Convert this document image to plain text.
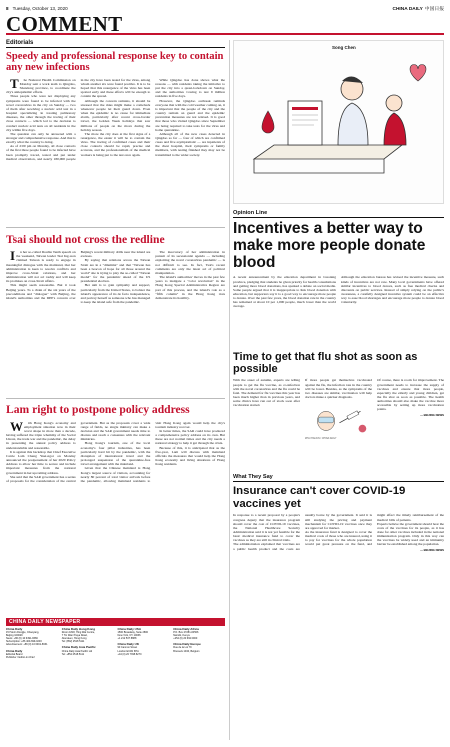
8 Tuesday, October 13, 2020	CHINA DAILY 中国日报
COMMENT
Editorials
Speedy and professional response key to contain any new infections

The National Health Commission on Monday sent a work team to Qingdao, Shandong province, to coordinate the city's antiepidemic efforts.

Three people who were not displaying any symptoms were found to be infected with the novel coronavirus in the city on Sunday — two of them after receiving a nucleic acid test in a hospital specializing in treating pulmonary diseases, the other through the tracing of their close contacts — which led to the decision to conduct nucleic acid tests on all residents in the city within five days.

The question can only be answered with a stronger and comprehensive response. And that is exactly what the country is doing.

As of 2:00 pm on Monday, all close contacts of the first three people found to be infected have been promptly traced, tested and put under medical observation, and nearly 180,000 people in the city have been tested for the virus, among whom another six were found positive. It is to be hoped that this resurgence of the virus has been spotted early and these efforts will be enough to contain the spread.

Although the concern remains, it should be stressed that the risks might make a comeback whenever people let their guard down. Even when the epidemic is no cause for immediate alarm, particularly after recent cross-border travel, the Golden Week holidays that saw millions of people on the move during the holiday season.

The more the city does at the first signs of a resurgence, the easier it will be to contain the virus. The tracing of confirmed cases and their close contacts should be rapid, precise and accurate, and the professionalism of the medical workers is being put to the test once again.

While Qingdao has done shows what the reasons — with residents taking the initiative to put the city into a quasi-lockdown on Sunday, and the authorities vowing to test 9 million residents in five days.

However, the Qingdao outbreak reminds everyone that with the cold weather coming on, it is important that the people of the city and the country remain on guard and the epidemic prevention measures are not relaxed. It is good that those who visited Qingdao since September are being required to take tests for the virus and home quarantine.

Although all of the new cases detected in Qingdao so far — four of which are confirmed cases and five asymptomatic — are inpatients of the chest hospital, their symptoms or family members, with testing finished they may not be transmitted to the wider society.

Tsai should not cross the redline

In her so-called Double Tenth speech on the weekend, Taiwan leader Tsai Ing-wen claimed Taiwan is ready to engage in meaningful dialogue with the mainland, that her administration is keen to resolve conflicts and improve cross-Strait relations, and her administration will not act rashly and will keep its promises on cross-Strait affairs.

This might seem reasonable. But it took Beijing years. To a chain of the six years of the preconditions and "dialogue" with Beijing, the island's authorities and the DPP's concern over Beijing's recent military drills near the island are excuses.

By saying that relations across the Taiwan Strait are in a "dilemma" and that "Taiwan has been a beacon of hope for all those around the world" she is trying to play the so-called "Taiwan model" for the pandemic ahead of the US presidential election.

Her aim is to gain sympathy and support, particularly from the United States, to bolster the island's appearance of its de facto independence, and portray herself as someone who has managed to keep the island safe from the pandemic.

The inaccuracy of her administration in pursuit of its secessionist agenda — including exploiting the novel coronavirus pandemic — is not difficult to see. In fact, Tsai's recent comments are only the latest act of political manipulation.

The island's authorities' moves in the past few years to instigate a "color revolution" in the Hong Kong Special Administrative Region are part of this process, and the island's role as a "fifth column" in the Hong Kong riots demonstrate its hostility.

Lam right to postpone policy address

With Hong Kong's economy and employment situation now in their worst shape in more than a decade, having suffered the triple whammy of the Social Unrest, the trade war and the pandemic, the delay in presenting the annual policy address is understandable and reasonable.

It is against this backdrop that Chief Executive Carrie Lam Cheng Yuet-ngor on Monday announced the postponement of her 2020 Policy Address to allow her time to secure and include important measures from the national government in her upcoming address.

She said that the SAR government has a series of proposals for the consideration of the central government. But as the proposals cover a wide range of fields, no single ministry can make a decision and the SAR government needs time to discuss and reach a consensus with the relevant ministries.

Hong Kong's tourism, one of the local economy's four pillar industries, has been particularly hard hit by the pandemic, with the disruption of international travel and the prolonged suspension of the quarantine-free travel arrangement with the mainland.

Given that the Chinese mainland is Hong Kong's largest source of visitors, accounting for nearly 80 percent of total visitor arrivals before the pandemic, allowing mainland residents to visit Hong Kong again would help the city's tourism industry recover.

In better times, the SAR could have produced a comprehensive policy address on its own. But these are not normal times and the city needs a national strategy to help it get through the crisis.

Because of this, it is anticipated that as the five-year, Lam will discuss with mainland officials the measures that would help the Hong Kong economy and living situations of Hong Kong residents.

CHINA DAILY NEWSPAPER
China Daily
15 Huixin Dongjie, Chaoyang,
Beijing 100029
News: +86 (0) 10 6491-8366
Subscription: +86 400-699-0203
Advertisement: +86 (0) 10 6491-8631
China Daily
Editorial Board
Publisher / Editor-in-Chief
China Daily Hong Kong
Room 1818, Hing Wai Centre,
7 Tin Wan Praya Road,
Aberdeen, Hong Kong
Tel: (852) 2518 5111
China Daily Asia Pacific
China Daily Asia Pacific Ltd
Tel: +852 2518 5111
China Daily USA
1500 Broadway, Suite 2800
New York, NY 10036
+1 212 537 8888
China Daily UK
90 Cannon Street
London EC4N 6HA
+44 (0) 20 7398 8270
China Daily Africa
P.O. Box 27281-00506
Nairobi, Kenya
+254 (0) 20 692 0900
China Daily Europe
Rue de la Loi 79
Brussels 1040, Belgium
Song Chen
Opinion Line
Incentives a better way to make more people donate blood

A recent announcement by the education department in Liaoning province, pledging that students be given priority for health consultations and getting more blood donations, has sparked a debate on social media. Some people argued that it is inappropriate to link blood donation with education, but supporters say it is a good way to encourage more people to donate. Over the past few years, the blood donation rate in the country has remained at about 10 per 1,000 people, much lower than the world average.

Although the education bureau has revised the incentive measure, such kinds of incentives are not rare. Many local governments have offered similar incentives to blood donors, such as free medical checks and discounts on public services. Instead of simply relying on the public's awareness, a carefully designed incentive system could be an effective way to ease blood shortages and encourage more people to donate blood voluntarily.

Time to get that flu shot as soon as possible

With the onset of autumn, experts are telling people to get the flu vaccine, as co-infection with the novel coronavirus and the flu could be fatal. The demand for flu vaccines this year has been much higher than in previous years, and some clinics have run out of stock soon after vaccination started.

If more people get themselves vaccinated against the flu, the infection rate in the country will be lower. Besides, as the symptoms of the two diseases are similar, vaccination will help doctors make a quicker diagnosis.

ZHAI HAIJUN / CHINA DAILY

Of course, there is room for improvement. The government needs to increase the supply of vaccines and ensure that more people, especially the elderly and young children, get the flu shot as soon as possible. The health authorities should also make the vaccine more accessible by setting up more vaccination points.

— BEIJING NEWS
What They Say
Insurance can't cover COVID-19 vaccines yet

In response to a recent proposal by a people's congress deputy that the insurance program should cover the cost of COVID-19 vaccines, the National Healthcare Security Administration said it is not yet feasible for the basic medical insurance fund to cover the vaccines as they are still in clinical trials.

The administration explained that vaccines are a public health product and the costs are usually borne by the government. It said it is still studying the pricing and payment mechanism for COVID-19 vaccines once they are approved for market.

As the insurance fund is designed to cover the medical costs of those who are insured, using it to pay for vaccines for the whole population would put great pressure on the fund, and might affect the timely reimbursement of the medical bills of patients.

Experts believe the government should bear the costs of the vaccines for its people, as it has done for other vaccines included in the national immunization program. Only in this way can the vaccines be widely used and an immunity barrier be established among the population.

— BEIJING NEWS
